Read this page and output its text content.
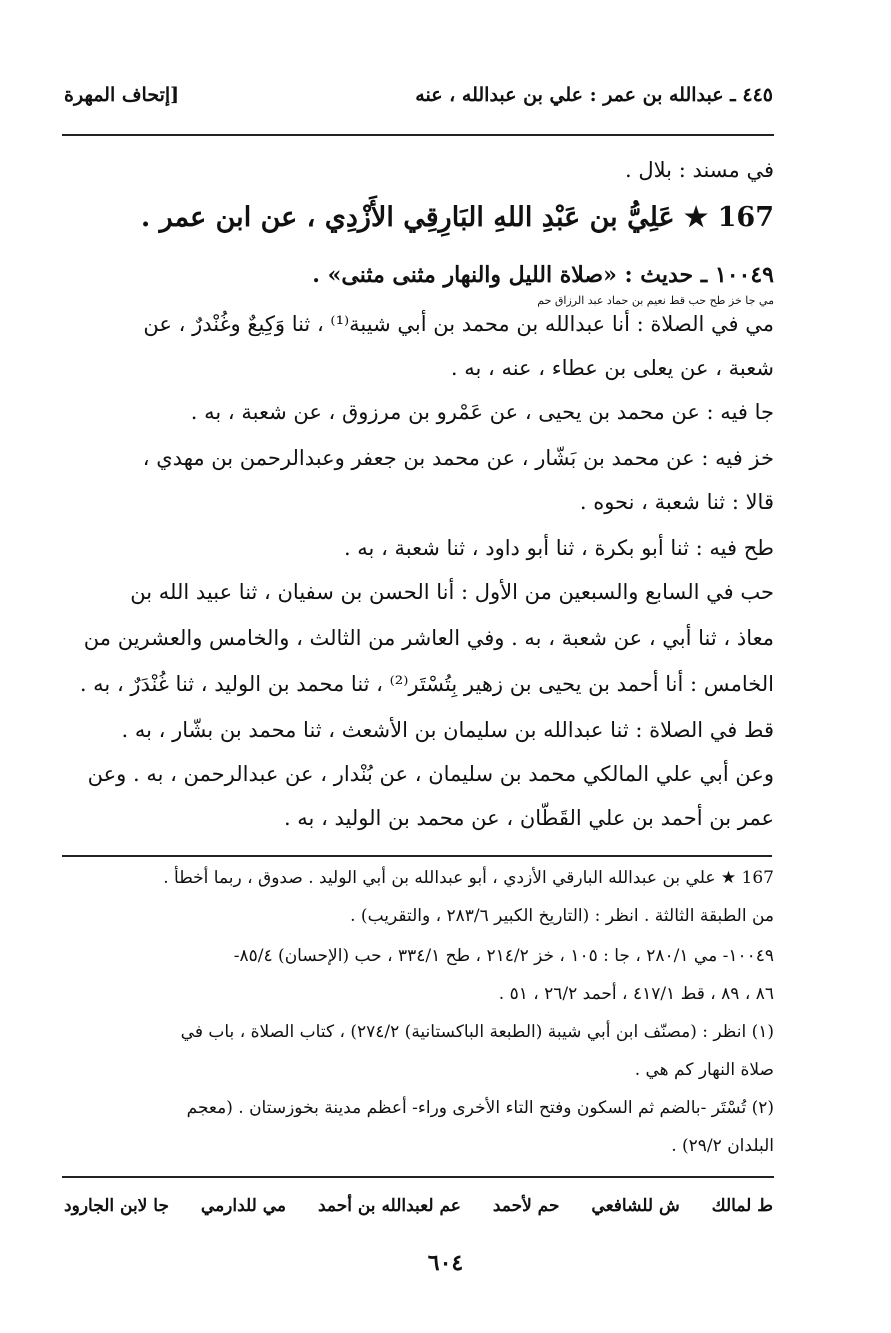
٤٤٥ ـ عبدالله بن عمر : علي بن عبدالله ، عنه
[إتحاف المهرة
في مسند : بلال .
167 ★ عَلِيُّ بن عَبْدِ اللهِ البَارِقِي الأَزْدِي ، عن ابن عمر .
١٠٠٤٩ ـ حديث : «صلاة الليل والنهار مثنى مثنى» .
مي جا خز طح حب قط نعيم بن حماد عبد الرزاق حم
مي في الصلاة : أنا عبدالله بن محمد بن أبي شيبة⁽¹⁾ ، ثنا وَكِيعٌ وغُنْدرٌ ، عن
شعبة ، عن يعلى بن عطاء ، عنه ، به .
جا فيه : عن محمد بن يحيى ، عن عَمْرو بن مرزوق ، عن شعبة ، به .
خز فيه : عن محمد بن بَشّار ، عن محمد بن جعفر وعبدالرحمن بن مهدي ،
قالا : ثنا شعبة ، نحوه .
طح فيه : ثنا أبو بكرة ، ثنا أبو داود ، ثنا شعبة ، به .
حب في السابع والسبعين من الأول : أنا الحسن بن سفيان ، ثنا عبيد الله بن
معاذ ، ثنا أبي ، عن شعبة ، به . وفي العاشر من الثالث ، والخامس والعشرين من
الخامس : أنا أحمد بن يحيى بن زهير بِتُسْتَر⁽²⁾ ، ثنا محمد بن الوليد ، ثنا غُنْدَرٌ ، به .
قط في الصلاة : ثنا عبدالله بن سليمان بن الأشعث ، ثنا محمد بن بشّار ، به .
وعن أبي علي المالكي محمد بن سليمان ، عن بُنْدار ، عن عبدالرحمن ، به . وعن
عمر بن أحمد بن علي القَطّان ، عن محمد بن الوليد ، به .
167 ★ علي بن عبدالله البارقي الأزدي ، أبو عبدالله بن أبي الوليد . صدوق ، ربما أخطأ .
من الطبقة الثالثة . انظر : (التاريخ الكبير ٢٨٣/٦ ، والتقريب) .
١٠٠٤٩- مي ٢٨٠/١ ، جا : ١٠٥ ، خز ٢١٤/٢ ، طح ٣٣٤/١ ، حب (الإحسان) ٨٥/٤-
٨٦ ، ٨٩ ، قط ٤١٧/١ ، أحمد ٢٦/٢ ، ٥١ .
(١) انظر : (مصنّف ابن أبي شيبة (الطبعة الباكستانية) ٢٧٤/٢) ، كتاب الصلاة ، باب في
صلاة النهار كم هي .
(٢) تُسْتَر -بالضم ثم السكون وفتح التاء الأخرى وراء- أعظم مدينة بخوزستان . (معجم
البلدان ٢٩/٢) .
ط لمالك
ش للشافعي
حم لأحمد
عم لعبدالله بن أحمد
مي للدارمي
جا لابن الجارود
٦٠٤
